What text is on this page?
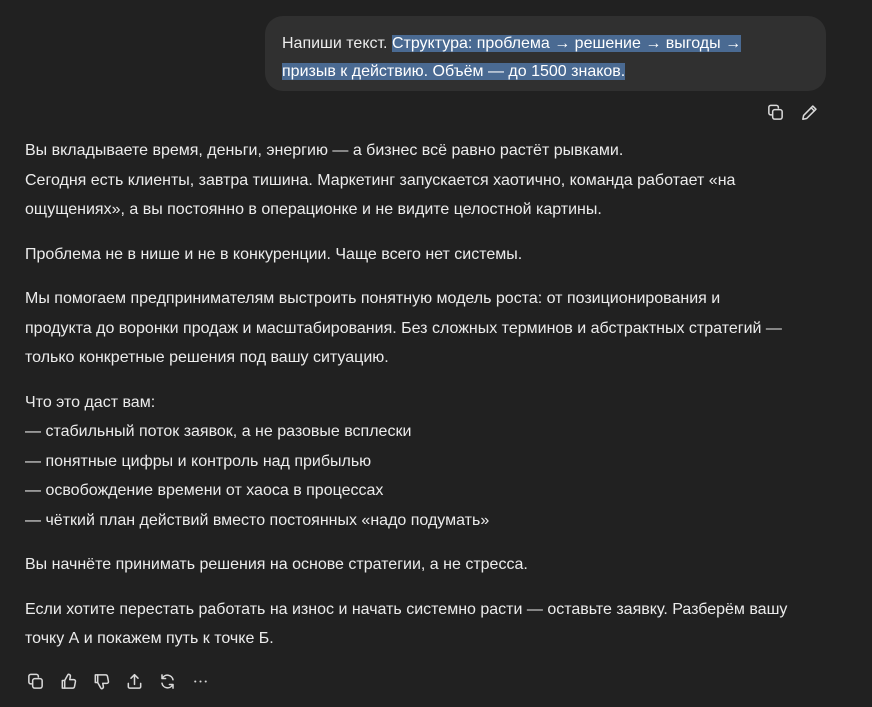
Напиши текст. Структура: проблема → решение → выгоды →
призыв к действию. Объём — до 1500 знаков.

Вы вкладываете время, деньги, энергию — а бизнес всё равно растёт рывками.
Сегодня есть клиенты, завтра тишина. Маркетинг запускается хаотично, команда работает «на
ощущениях», а вы постоянно в операционке и не видите целостной картины.

Проблема не в нише и не в конкуренции. Чаще всего нет системы.

Мы помогаем предпринимателям выстроить понятную модель роста: от позиционирования и
продукта до воронки продаж и масштабирования. Без сложных терминов и абстрактных стратегий —
только конкретные решения под вашу ситуацию.

Что это даст вам:
— стабильный поток заявок, а не разовые всплески
— понятные цифры и контроль над прибылью
— освобождение времени от хаоса в процессах
— чёткий план действий вместо постоянных «надо подумать»

Вы начнёте принимать решения на основе стратегии, а не стресса.

Если хотите перестать работать на износ и начать системно расти — оставьте заявку. Разберём вашу
точку А и покажем путь к точке Б.
